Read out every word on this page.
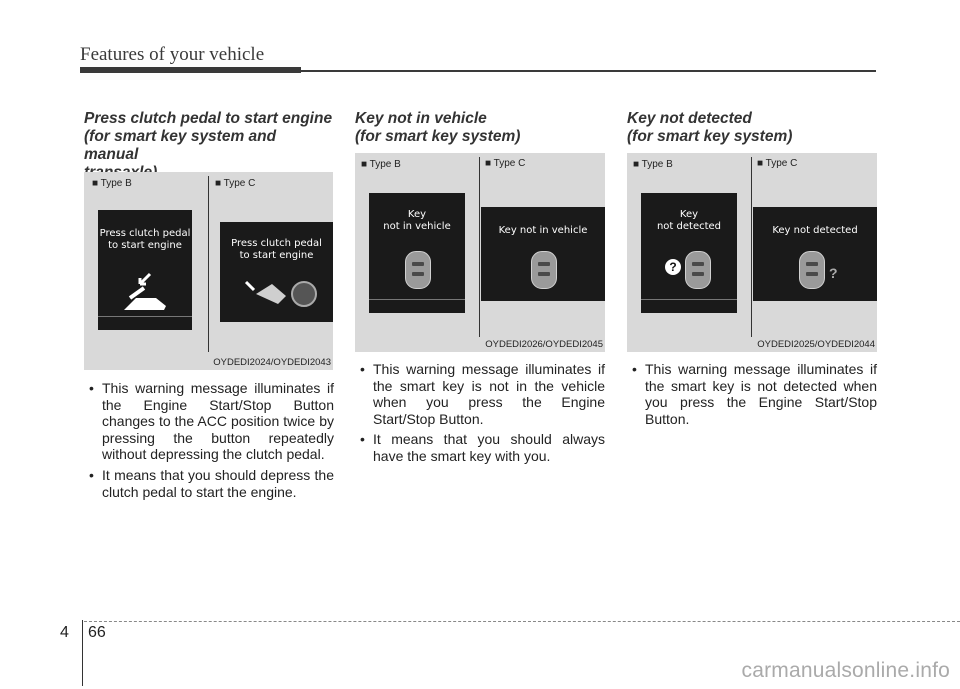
Features of your vehicle
Press clutch pedal to start engine
(for smart key system and manual

■ Type B	■ Type C
Press clutch pedal
to start engine	Press clutch pedal
to start engine
OYDEDI2024/OYDEDI2043
• This warning message illuminates if the Engine Start/Stop Button changes to the ACC position twice by pressing the button repeatedly without depressing the clutch pedal.
• It means that you should depress the clutch pedal to start the engine.
Key not in vehicle
(for smart key system)
■ Type B	■ Type C
Key
not in vehicle	Key not in vehicle
OYDEDI2026/OYDEDI2045
• This warning message illuminates if the smart key is not in the vehicle when you press the Engine Start/Stop Button.
• It means that you should always have the smart key with you.
Key not detected
(for smart key system)
■ Type B	■ Type C
Key
not detected
?
Key not detected
?
OYDEDI2025/OYDEDI2044
• This warning message illuminates if the smart key is not detected when you press the Engine Start/Stop Button.
4 66
carmanualsonline.info
